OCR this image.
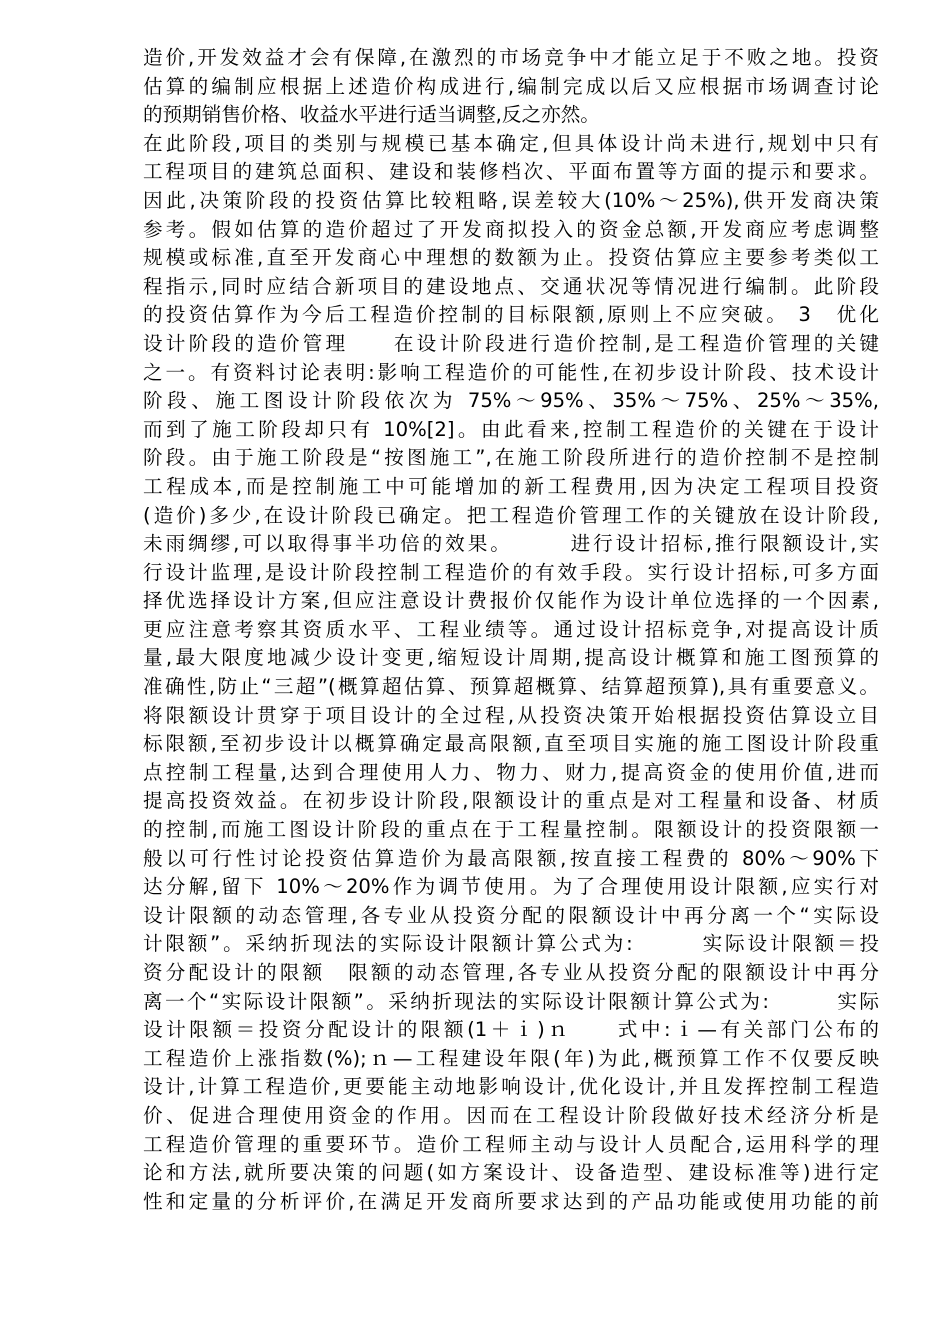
造价,开发效益才会有保障,在激烈的市场竞争中才能立足于不败之地。投资
估算的编制应根据上述造价构成进行,编制完成以后又应根据市场调查讨论
的预期销售价格、收益水平进行适当调整,反之亦然。
在此阶段,项目的类别与规模已基本确定,但具体设计尚未进行,规划中只有
工程项目的建筑总面积、建设和装修档次、平面布置等方面的提示和要求。
因此,决策阶段的投资估算比较粗略,误差较大(10%～25%),供开发商决策
参考。假如估算的造价超过了开发商拟投入的资金总额,开发商应考虑调整
规模或标准,直至开发商心中理想的数额为止。投资估算应主要参考类似工
程指示,同时应结合新项目的建设地点、交通状况等情况进行编制。此阶段
的投资估算作为今后工程造价控制的目标限额,原则上不应突破。 3　优化
设计阶段的造价管理　　在设计阶段进行造价控制,是工程造价管理的关键
之一。有资料讨论表明:影响工程造价的可能性,在初步设计阶段、技术设计
阶段、施工图设计阶段依次为 75%～95%、35%～75%、25%～35%,
而到了施工阶段却只有 10%[2]。由此看来,控制工程造价的关键在于设计
阶段。由于施工阶段是“按图施工”,在施工阶段所进行的造价控制不是控制
工程成本,而是控制施工中可能增加的新工程费用,因为决定工程项目投资
(造价)多少,在设计阶段已确定。把工程造价管理工作的关键放在设计阶段,
未雨绸缪,可以取得事半功倍的效果。　　　进行设计招标,推行限额设计,实
行设计监理,是设计阶段控制工程造价的有效手段。实行设计招标,可多方面
择优选择设计方案,但应注意设计费报价仅能作为设计单位选择的一个因素,
更应注意考察其资质水平、工程业绩等。通过设计招标竞争,对提高设计质
量,最大限度地减少设计变更,缩短设计周期,提高设计概算和施工图预算的
准确性,防止“三超”(概算超估算、预算超概算、结算超预算),具有重要意义。
将限额设计贯穿于项目设计的全过程,从投资决策开始根据投资估算设立目
标限额,至初步设计以概算确定最高限额,直至项目实施的施工图设计阶段重
点控制工程量,达到合理使用人力、物力、财力,提高资金的使用价值,进而
提高投资效益。在初步设计阶段,限额设计的重点是对工程量和设备、材质
的控制,而施工图设计阶段的重点在于工程量控制。限额设计的投资限额一
般以可行性讨论投资估算造价为最高限额,按直接工程费的 80%～90%下
达分解,留下 10%～20%作为调节使用。为了合理使用设计限额,应实行对
设计限额的动态管理,各专业从投资分配的限额设计中再分离一个“实际设
计限额”。采纳折现法的实际设计限额计算公式为:　　　实际设计限额＝投
资分配设计的限额　限额的动态管理,各专业从投资分配的限额设计中再分
离一个“实际设计限额”。采纳折现法的实际设计限额计算公式为:　　　实际
设计限额＝投资分配设计的限额(1＋ｉ)ｎ　　式中:ｉ—有关部门公布的
工程造价上涨指数(%);ｎ—工程建设年限(年)为此,概预算工作不仅要反映
设计,计算工程造价,更要能主动地影响设计,优化设计,并且发挥控制工程造
价、促进合理使用资金的作用。因而在工程设计阶段做好技术经济分析是
工程造价管理的重要环节。造价工程师主动与设计人员配合,运用科学的理
论和方法,就所要决策的问题(如方案设计、设备造型、建设标准等)进行定
性和定量的分析评价,在满足开发商所要求达到的产品功能或使用功能的前
